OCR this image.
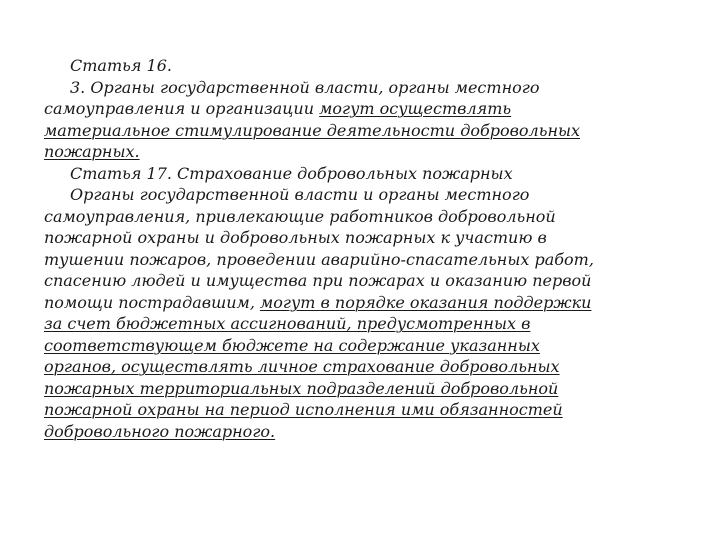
Статья 16.

3. Органы государственной власти, органы местного самоуправления и организации могут осуществлять материальное стимулирование деятельности добровольных пожарных.

Статья 17. Страхование добровольных пожарных

Органы государственной власти и органы местного самоуправления, привлекающие работников добровольной пожарной охраны и добровольных пожарных к участию в тушении пожаров, проведении аварийно-спасательных работ, спасению людей и имущества при пожарах и оказанию первой помощи пострадавшим, могут в порядке оказания поддержки за счет бюджетных ассигнований, предусмотренных в соответствующем бюджете на содержание указанных органов, осуществлять личное страхование добровольных пожарных территориальных подразделений добровольной пожарной охраны на период исполнения ими обязанностей добровольного пожарного.
